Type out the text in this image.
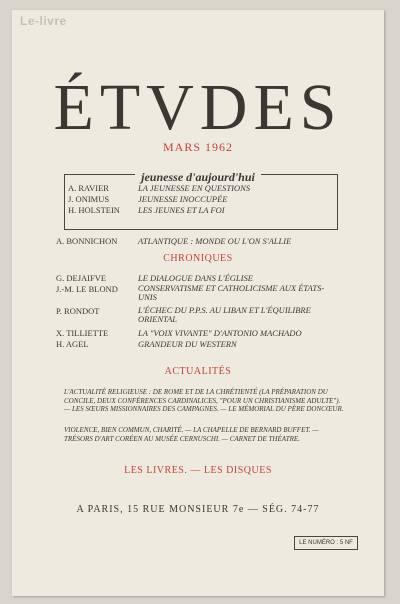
Le-livre
ÉTVDES
MARS 1962
jeunesse d'aujourd'hui
A. RAVIER	LA JEUNESSE EN QUESTIONS
J. ONIMUS	JEUNESSE INOCCUPÉE
H. HOLSTEIN LES JEUNES ET LA FOI
A. BONNICHON ATLANTIQUE : MONDE OU L'ON S'ALLIE
CHRONIQUES
G. DEJAIFVE	LE DIALOGUE DANS L'ÉGLISE
J.-M. LE BLOND CONSERVATISME ET CATHOLICISME AUX ÉTATS-UNIS
P. RONDOT	L'ÉCHEC DU P.P.S. AU LIBAN ET L'ÉQUILIBRE ORIENTAL
X. TILLIETTE	LA "VOIX VIVANTE" D'ANTONIO MACHADO
H. AGEL	GRANDEUR DU WESTERN
ACTUALITÉS
L'ACTUALITÉ RELIGIEUSE : DE ROME ET DE LA CHRÉTIENTÉ (LA PRÉPARATION DU CONCILE, DEUX CONFÉRENCES CARDINALICES, "POUR UN CHRISTIANISME ADULTE"). — LES SŒURS MISSIONNAIRES DES CAMPAGNES. — LE MÉMORIAL DU PÈRE DONCŒUR.
VIOLENCE, BIEN COMMUN, CHARITÉ. — LA CHAPELLE DE BERNARD BUFFET. — TRÉSORS D'ART CORÉEN AU MUSÉE CERNUSCHI. — CARNET DE THÉATRE.
LES LIVRES. — LES DISQUES
A PARIS, 15 RUE MONSIEUR 7e — SÉG. 74-77
LE NUMÉRO : 5 NF
